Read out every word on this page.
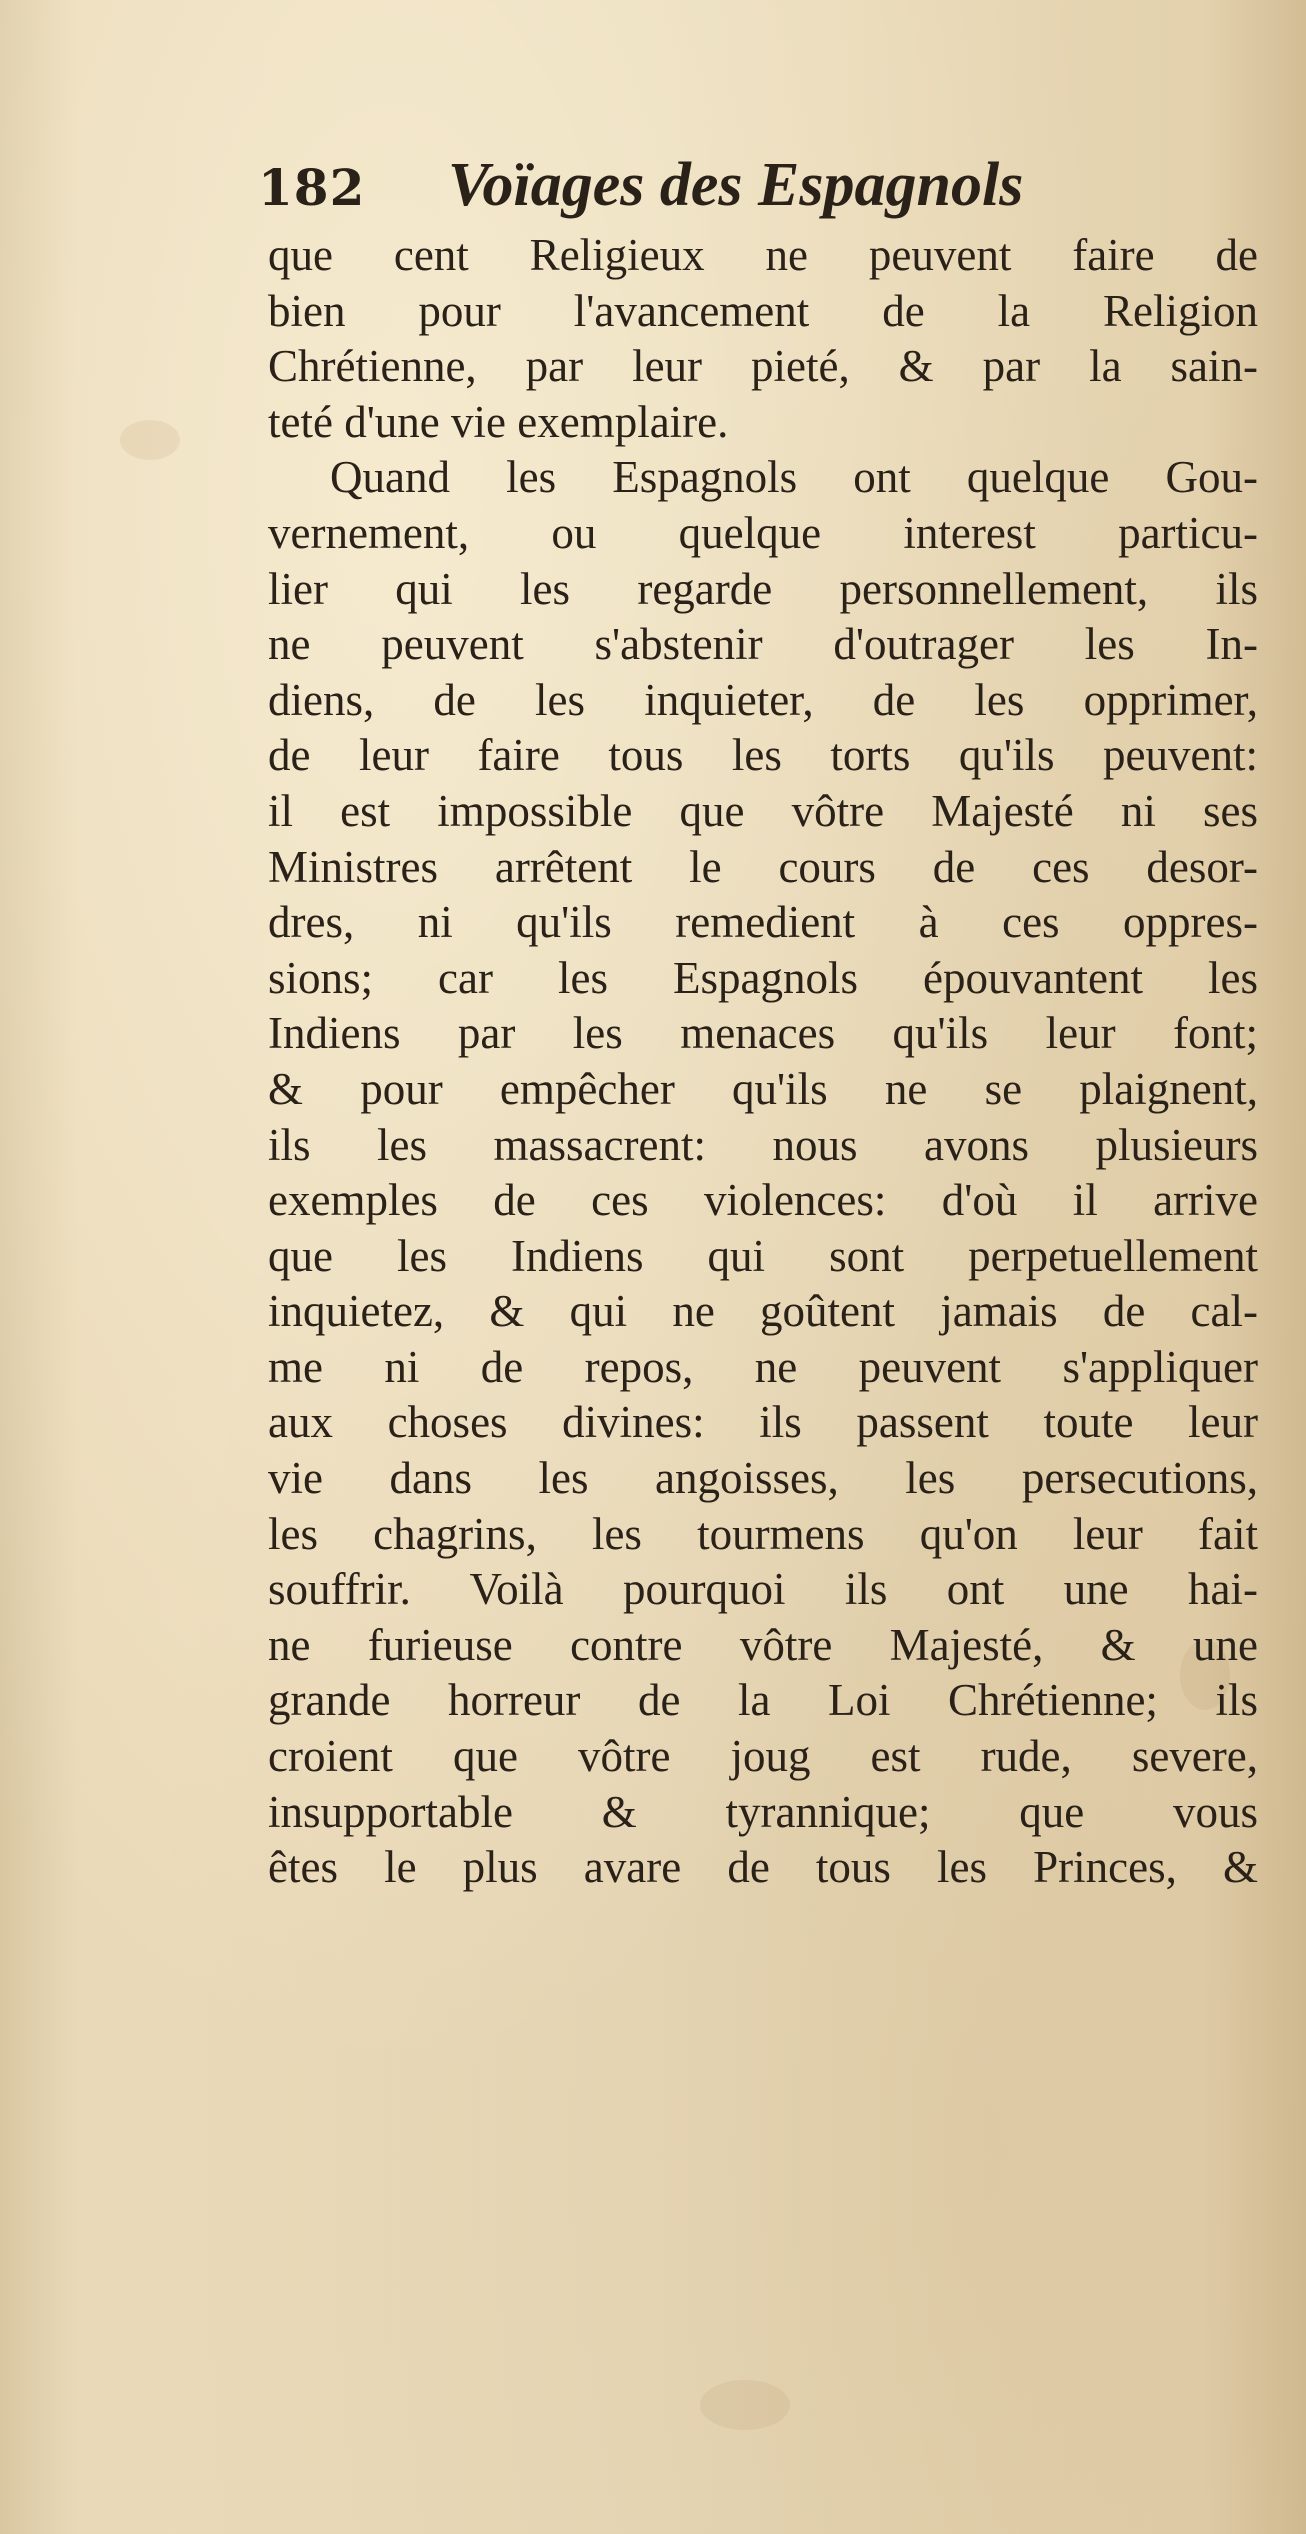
182	Voïages des Espagnols
que cent Religieux ne peuvent faire de
bien pour l'avancement de la Religion
Chrétienne, par leur pieté, & par la sain-
teté d'une vie exemplaire.
Quand les Espagnols ont quelque Gou-
vernement, ou quelque interest particu-
lier qui les regarde personnellement, ils
ne peuvent s'abstenir d'outrager les In-
diens, de les inquieter, de les opprimer,
de leur faire tous les torts qu'ils peuvent:
il est impossible que vôtre Majesté ni ses
Ministres arrêtent le cours de ces desor-
dres, ni qu'ils remedient à ces oppres-
sions; car les Espagnols épouvantent les
Indiens par les menaces qu'ils leur font;
& pour empêcher qu'ils ne se plaignent,
ils les massacrent: nous avons plusieurs
exemples de ces violences: d'où il arrive
que les Indiens qui sont perpetuellement
inquietez, & qui ne goûtent jamais de cal-
me ni de repos, ne peuvent s'appliquer
aux choses divines: ils passent toute leur
vie dans les angoisses, les persecutions,
les chagrins, les tourmens qu'on leur fait
souffrir. Voilà pourquoi ils ont une hai-
ne furieuse contre vôtre Majesté, & une
grande horreur de la Loi Chrétienne; ils
croient que vôtre joug est rude, severe,
insupportable & tyrannique; que vous
êtes le plus avare de tous les Princes, &
